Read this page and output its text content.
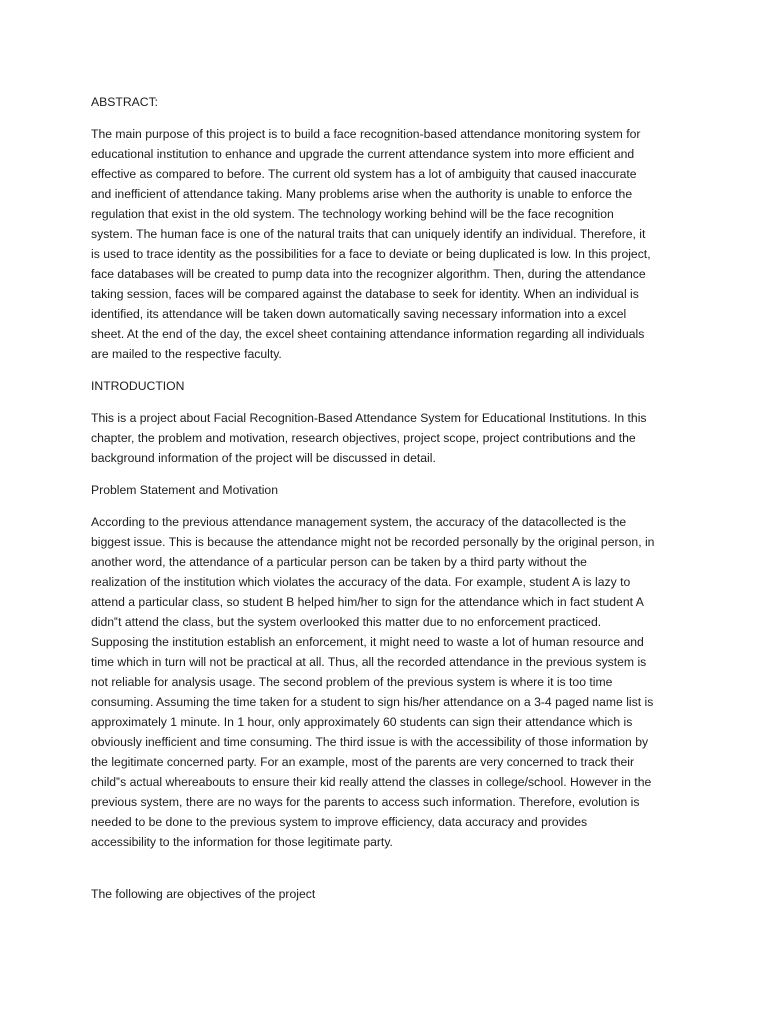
ABSTRACT:

The main purpose of this project is to build a face recognition-based attendance monitoring system for
educational institution to enhance and upgrade the current attendance system into more efficient and
effective as compared to before. The current old system has a lot of ambiguity that caused inaccurate
and inefficient of attendance taking. Many problems arise when the authority is unable to enforce the
regulation that exist in the old system. The technology working behind will be the face recognition
system. The human face is one of the natural traits that can uniquely identify an individual. Therefore, it
is used to trace identity as the possibilities for a face to deviate or being duplicated is low. In this project,
face databases will be created to pump data into the recognizer algorithm. Then, during the attendance
taking session, faces will be compared against the database to seek for identity. When an individual is
identified, its attendance will be taken down automatically saving necessary information into a excel
sheet. At the end of the day, the excel sheet containing attendance information regarding all individuals
are mailed to the respective faculty.

INTRODUCTION

This is a project about Facial Recognition-Based Attendance System for Educational Institutions. In this
chapter, the problem and motivation, research objectives, project scope, project contributions and the
background information of the project will be discussed in detail.

Problem Statement and Motivation

According to the previous attendance management system, the accuracy of the datacollected is the
biggest issue. This is because the attendance might not be recorded personally by the original person, in
another word, the attendance of a particular person can be taken by a third party without the
realization of the institution which violates the accuracy of the data. For example, student A is lazy to
attend a particular class, so student B helped him/her to sign for the attendance which in fact student A
didn‟t attend the class, but the system overlooked this matter due to no enforcement practiced.
Supposing the institution establish an enforcement, it might need to waste a lot of human resource and
time which in turn will not be practical at all. Thus, all the recorded attendance in the previous system is
not reliable for analysis usage. The second problem of the previous system is where it is too time
consuming. Assuming the time taken for a student to sign his/her attendance on a 3-4 paged name list is
approximately 1 minute. In 1 hour, only approximately 60 students can sign their attendance which is
obviously inefficient and time consuming. The third issue is with the accessibility of those information by
the legitimate concerned party. For an example, most of the parents are very concerned to track their
child‟s actual whereabouts to ensure their kid really attend the classes in college/school. However in the
previous system, there are no ways for the parents to access such information. Therefore, evolution is
needed to be done to the previous system to improve efficiency, data accuracy and provides
accessibility to the information for those legitimate party.

The following are objectives of the project
